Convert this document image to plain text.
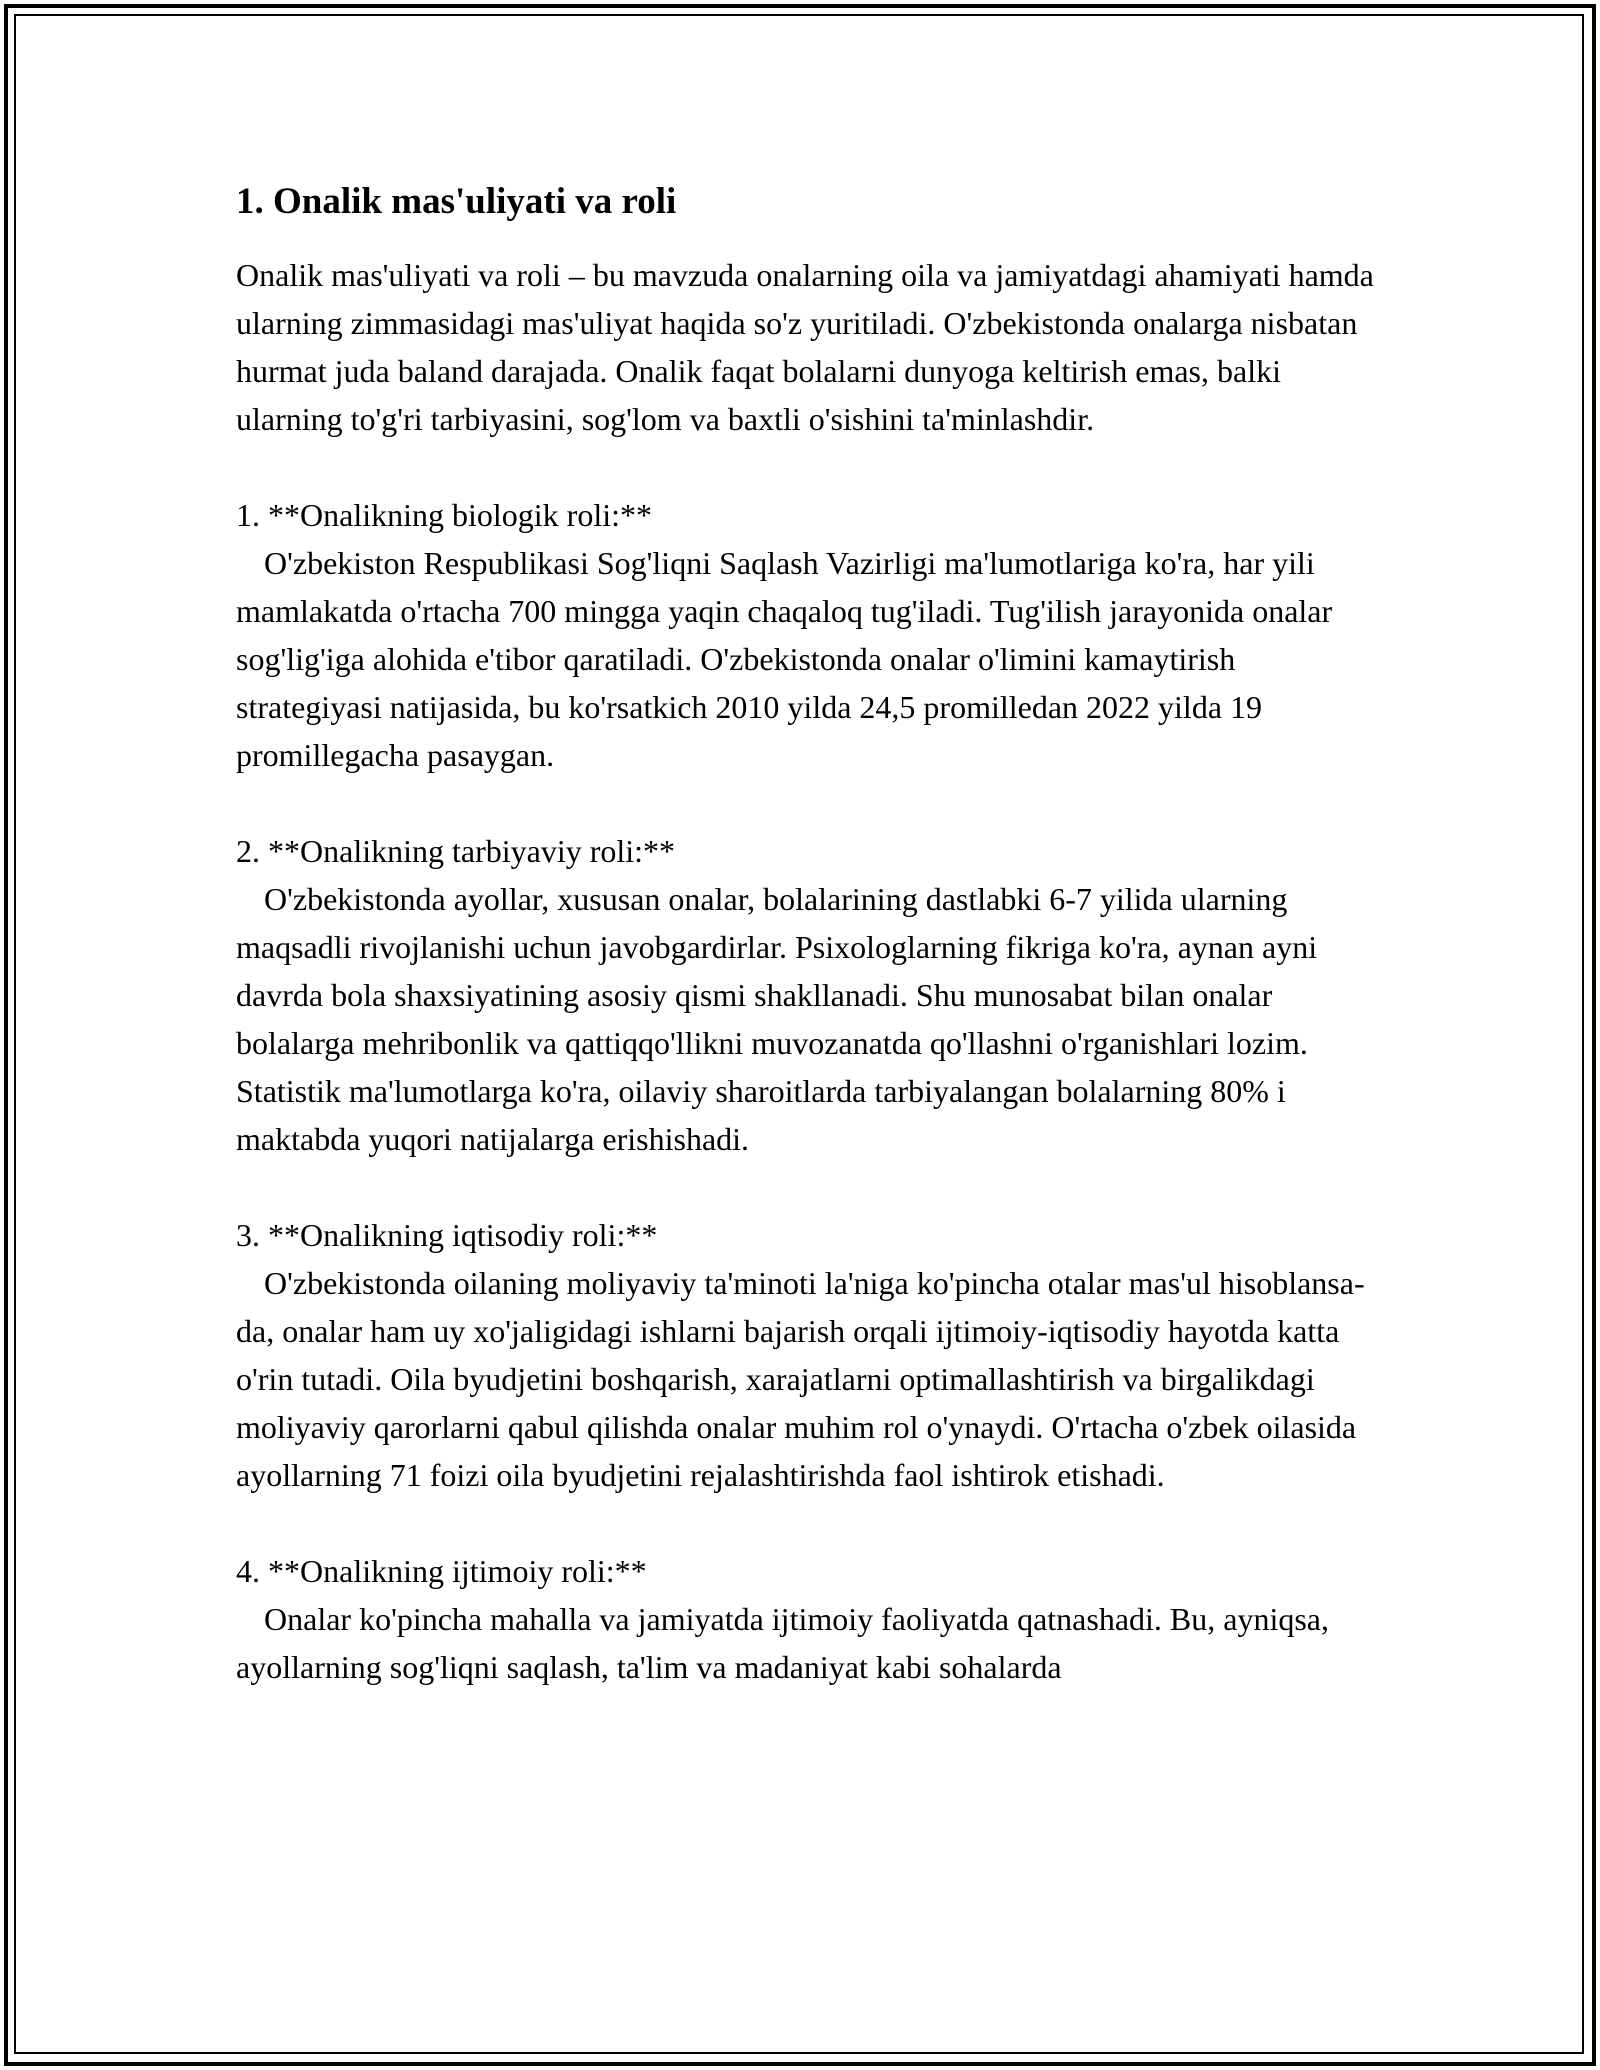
1. Onalik mas'uliyati va roli

Onalik mas'uliyati va roli – bu mavzuda onalarning oila va jamiyatdagi ahamiyati hamda ularning zimmasidagi mas'uliyat haqida so'z yuritiladi. O'zbekistonda onalarga nisbatan hurmat juda baland darajada. Onalik faqat bolalarni dunyoga keltirish emas, balki ularning to'g'ri tarbiyasini, sog'lom va baxtli o'sishini ta'minlashdir.

1. **Onalikning biologik roli:**

O'zbekiston Respublikasi Sog'liqni Saqlash Vazirligi ma'lumotlariga ko'ra, har yili mamlakatda o'rtacha 700 mingga yaqin chaqaloq tug'iladi. Tug'ilish jarayonida onalar sog'lig'iga alohida e'tibor qaratiladi. O'zbekistonda onalar o'limini kamaytirish strategiyasi natijasida, bu ko'rsatkich 2010 yilda 24,5 promilledan 2022 yilda 19 promillegacha pasaygan.

2. **Onalikning tarbiyaviy roli:**

O'zbekistonda ayollar, xususan onalar, bolalarining dastlabki 6-7 yilida ularning maqsadli rivojlanishi uchun javobgardirlar. Psixologlarning fikriga ko'ra, aynan ayni davrda bola shaxsiyatining asosiy qismi shakllanadi. Shu munosabat bilan onalar bolalarga mehribonlik va qattiqqo'llikni muvozanatda qo'llashni o'rganishlari lozim. Statistik ma'lumotlarga ko'ra, oilaviy sharoitlarda tarbiyalangan bolalarning 80% i maktabda yuqori natijalarga erishishadi.

3. **Onalikning iqtisodiy roli:**

O'zbekistonda oilaning moliyaviy ta'minoti la'niga ko'pincha otalar mas'ul hisoblansa-da, onalar ham uy xo'jaligidagi ishlarni bajarish orqali ijtimoiy-iqtisodiy hayotda katta o'rin tutadi. Oila byudjetini boshqarish, xarajatlarni optimallashtirish va birgalikdagi moliyaviy qarorlarni qabul qilishda onalar muhim rol o'ynaydi. O'rtacha o'zbek oilasida ayollarning 71 foizi oila byudjetini rejalashtirishda faol ishtirok etishadi.

4. **Onalikning ijtimoiy roli:**

Onalar ko'pincha mahalla va jamiyatda ijtimoiy faoliyatda qatnashadi. Bu, ayniqsa, ayollarning sog'liqni saqlash, ta'lim va madaniyat kabi sohalarda
